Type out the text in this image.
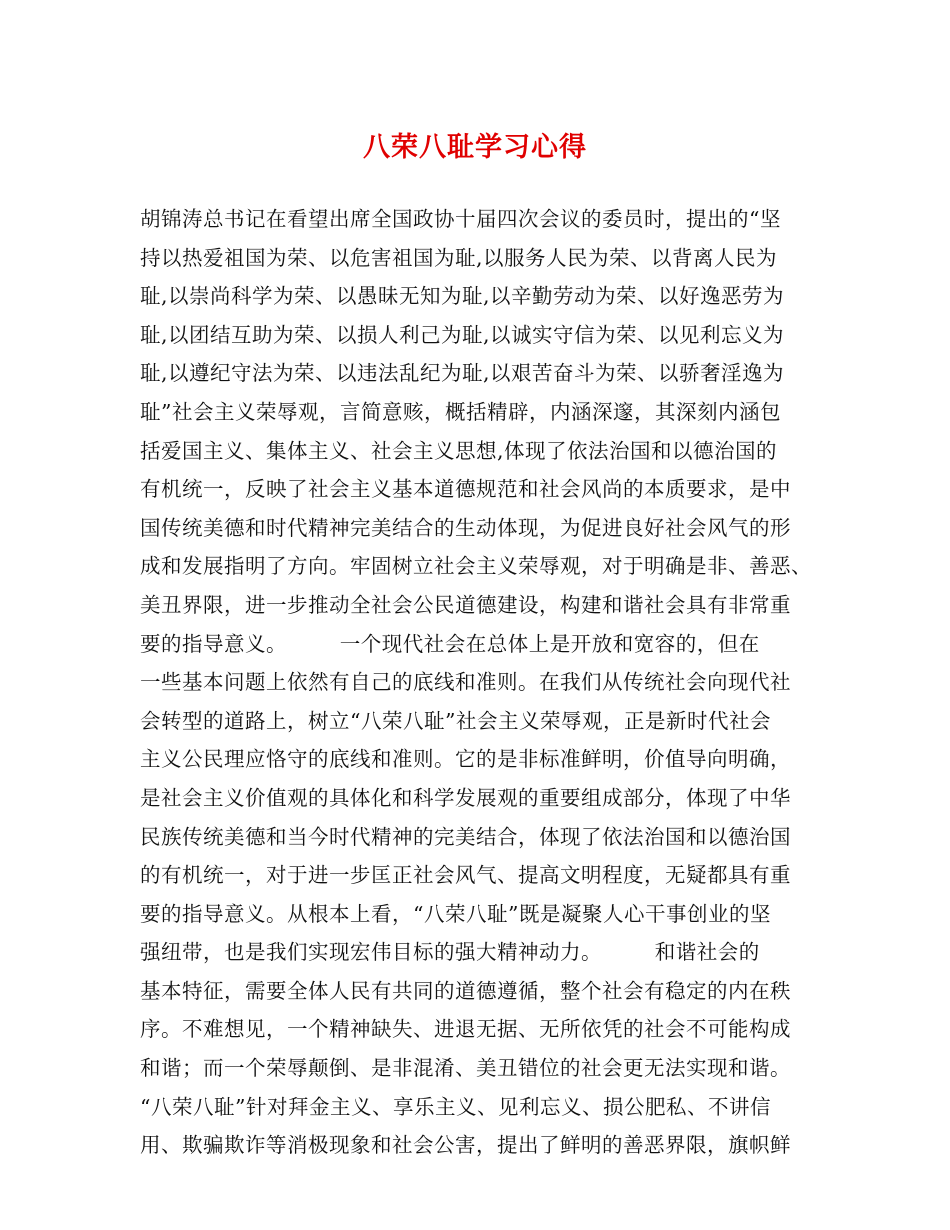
八荣八耻学习心得
胡锦涛总书记在看望出席全国政协十届四次会议的委员时，提出的“坚
持以热爱祖国为荣、以危害祖国为耻,以服务人民为荣、以背离人民为
耻,以崇尚科学为荣、以愚昧无知为耻,以辛勤劳动为荣、以好逸恶劳为
耻,以团结互助为荣、以损人利己为耻,以诚实守信为荣、以见利忘义为
耻,以遵纪守法为荣、以违法乱纪为耻,以艰苦奋斗为荣、以骄奢淫逸为
耻”社会主义荣辱观，言简意赅，概括精辟，内涵深邃，其深刻内涵包
括爱国主义、集体主义、社会主义思想,体现了依法治国和以德治国的
有机统一，反映了社会主义基本道德规范和社会风尚的本质要求，是中
国传统美德和时代精神完美结合的生动体现，为促进良好社会风气的形
成和发展指明了方向。牢固树立社会主义荣辱观，对于明确是非、善恶、
美丑界限，进一步推动全社会公民道德建设，构建和谐社会具有非常重
要的指导意义。　　　一个现代社会在总体上是开放和宽容的，但在
一些基本问题上依然有自己的底线和准则。在我们从传统社会向现代社
会转型的道路上，树立“八荣八耻”社会主义荣辱观，正是新时代社会
主义公民理应恪守的底线和准则。它的是非标准鲜明，价值导向明确，
是社会主义价值观的具体化和科学发展观的重要组成部分，体现了中华
民族传统美德和当今时代精神的完美结合，体现了依法治国和以德治国
的有机统一，对于进一步匡正社会风气、提高文明程度，无疑都具有重
要的指导意义。从根本上看，“八荣八耻”既是凝聚人心干事创业的坚
强纽带，也是我们实现宏伟目标的强大精神动力。　　　和谐社会的
基本特征，需要全体人民有共同的道德遵循，整个社会有稳定的内在秩
序。不难想见，一个精神缺失、进退无据、无所依凭的社会不可能构成
和谐；而一个荣辱颠倒、是非混淆、美丑错位的社会更无法实现和谐。
“八荣八耻”针对拜金主义、享乐主义、见利忘义、损公肥私、不讲信
用、欺骗欺诈等消极现象和社会公害，提出了鲜明的善恶界限，旗帜鲜
